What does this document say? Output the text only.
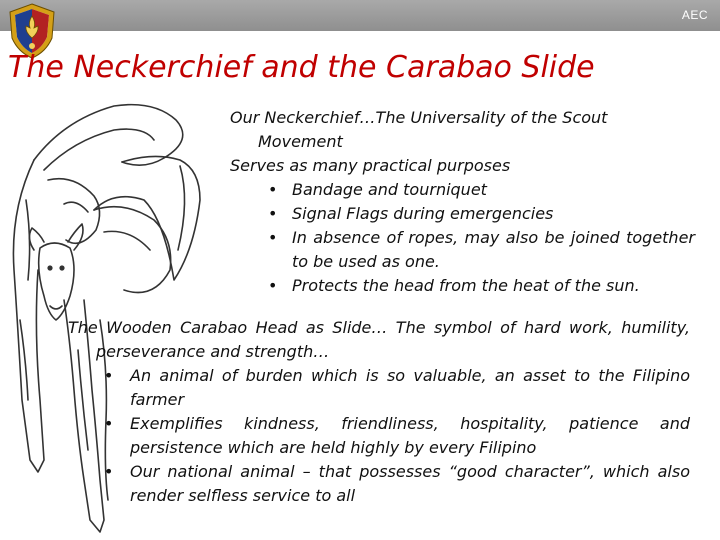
AEC
The Neckerchief and the Carabao Slide

Our Neckerchief…The Universality of the Scout

Movement

Serves as many practical purposes

• Bandage and tourniquet
• Signal Flags during emergencies
• In absence of ropes, may also be joined together to be used as one.
• Protects the head from the heat of the sun.

The Wooden Carabao Head as Slide… The symbol of hard work, humility, perseverance and strength…

• An animal of burden which is so valuable, an asset to the Filipino farmer
• Exemplifies kindness, friendliness, hospitality, patience and persistence which are held highly by every Filipino
• Our national animal – that possesses “good character”, which also render selfless service to all
